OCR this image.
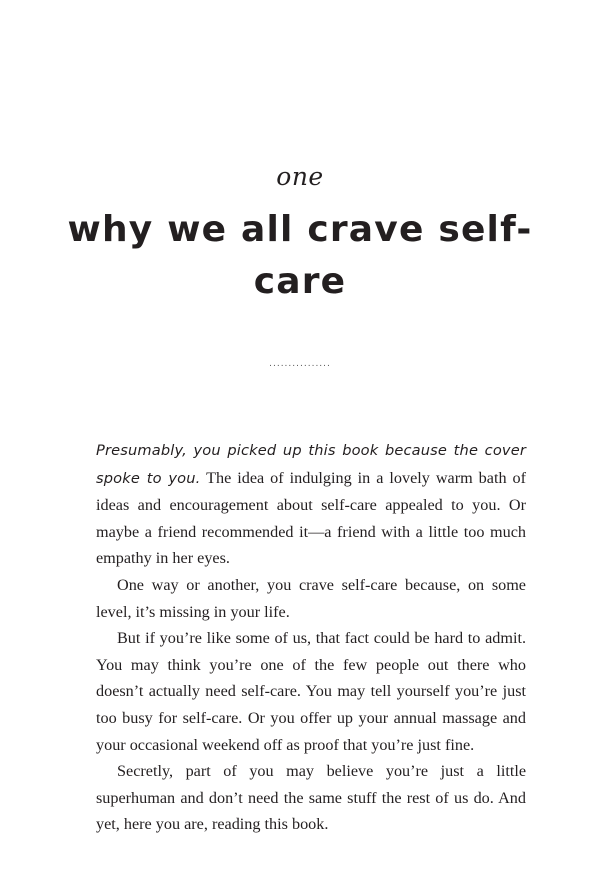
one
why we all crave self-care
................

Presumably, you picked up this book because the cover spoke to you. The idea of indulging in a lovely warm bath of ideas and encouragement about self-care appealed to you. Or maybe a friend recommended it—a friend with a little too much empathy in her eyes.

One way or another, you crave self-care because, on some level, it’s missing in your life.

But if you’re like some of us, that fact could be hard to admit. You may think you’re one of the few people out there who doesn’t actually need self-care. You may tell yourself you’re just too busy for self-care. Or you offer up your annual massage and your occasional weekend off as proof that you’re just fine.

Secretly, part of you may believe you’re just a little superhuman and don’t need the same stuff the rest of us do. And yet, here you are, reading this book.
